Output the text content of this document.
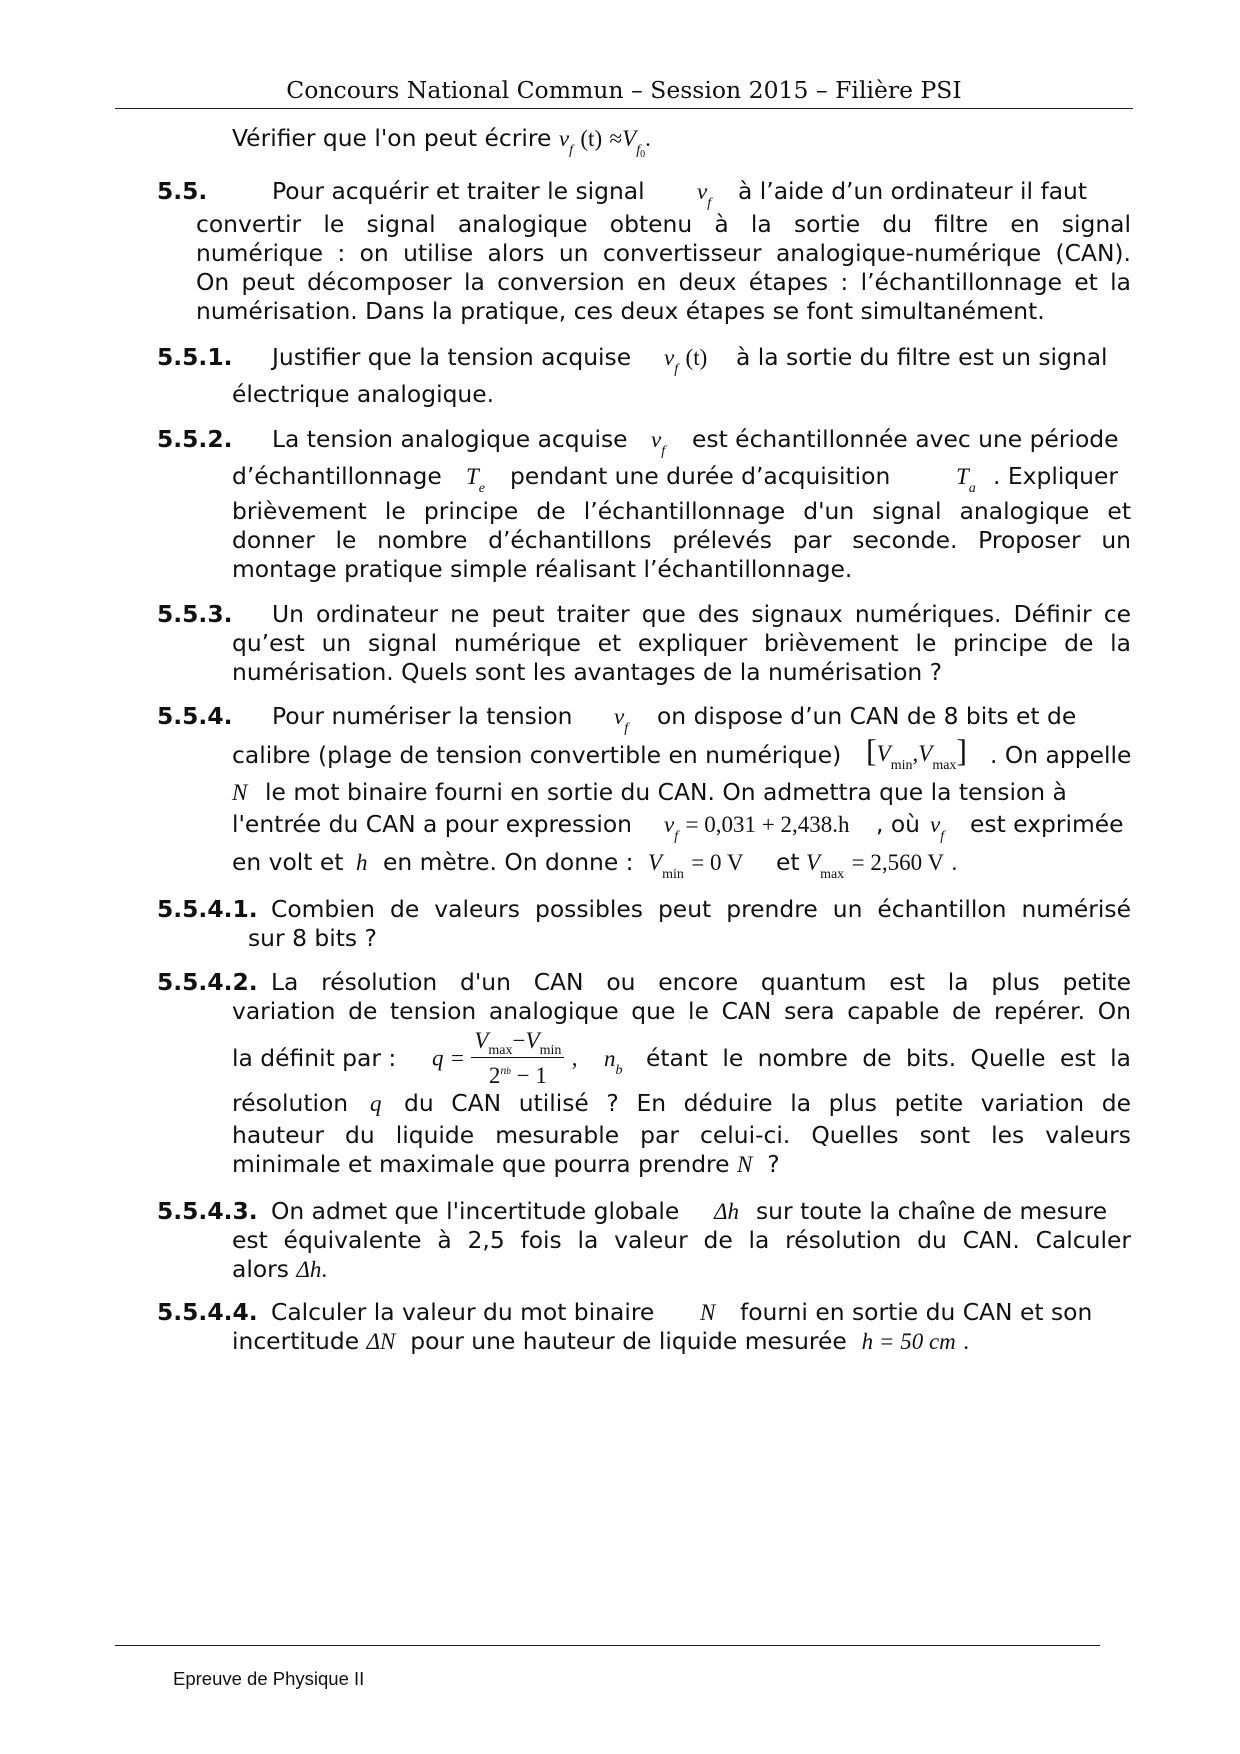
Concours National Commun – Session 2015 – Filière PSI
Vérifier que l'on peut écrire $v_f$ $(t) \approx V_{f0}$.
5.5.	Pour acquérir et traiter le signal $v_f$ à l’aide d’un ordinateur il faut
convertir le signal analogique obtenu à la sortie du filtre en signal
numérique : on utilise alors un convertisseur analogique-numérique (CAN).
On peut décomposer la conversion en deux étapes : l’échantillonnage et la
numérisation. Dans la pratique, ces deux étapes se font simultanément.
5.5.1. Justifier que la tension acquise $v_f$ (t) à la sortie du filtre est un signal
électrique analogique.
5.5.2. La tension analogique acquise $v_f$ est échantillonnée avec une période
d’échantillonnage $T_e$ pendant une durée d’acquisition	$T_a$ . Expliquer
brièvement le principe de l’échantillonnage d'un signal analogique et
donner le nombre d’échantillons prélevés par seconde. Proposer un
montage pratique simple réalisant l’échantillonnage.
5.5.3. Un ordinateur ne peut traiter que des signaux numériques. Définir ce
qu’est un signal numérique et expliquer brièvement le principe de la
numérisation. Quels sont les avantages de la numérisation ?
5.5.4. Pour numériser la tension $v_f$ on dispose d’un CAN de 8 bits et de
calibre (plage de tension convertible en numérique) $[V_{min},V_{max}]$ . On appelle
N le mot binaire fourni en sortie du CAN. On admettra que la tension à
l'entrée du CAN a pour expression $v_f = 0,031 + 2,438.h$ , où $v_f$ est exprimée
en volt et h en mètre. On donne : $V_{min} = 0$ V et $V_{max} = 2,560$ V .
5.5.4.1. Combien de valeurs possibles peut prendre un échantillon numérisé
sur 8 bits ?
5.5.4.2. La résolution d'un CAN ou encore quantum est la plus petite
variation de tension analogique que le CAN sera capable de repérer. On
la définit par : $q = \frac{V_{max}-V_{min}}{2^{nb} - 1}$ , $n_b$ étant le nombre de bits. Quelle est la
résolution q du CAN utilisé ? En déduire la plus petite variation de
hauteur du liquide mesurable par celui-ci. Quelles sont les valeurs
minimale et maximale que pourra prendre N ?
5.5.4.3. On admet que l'incertitude globale Δh sur toute la chaîne de mesure
est équivalente à 2,5 fois la valeur de la résolution du CAN. Calculer
alors Δh.
5.5.4.4. Calculer la valeur du mot binaire N fourni en sortie du CAN et son
incertitude ΔN pour une hauteur de liquide mesurée h = 50 cm .
Epreuve de Physique II
